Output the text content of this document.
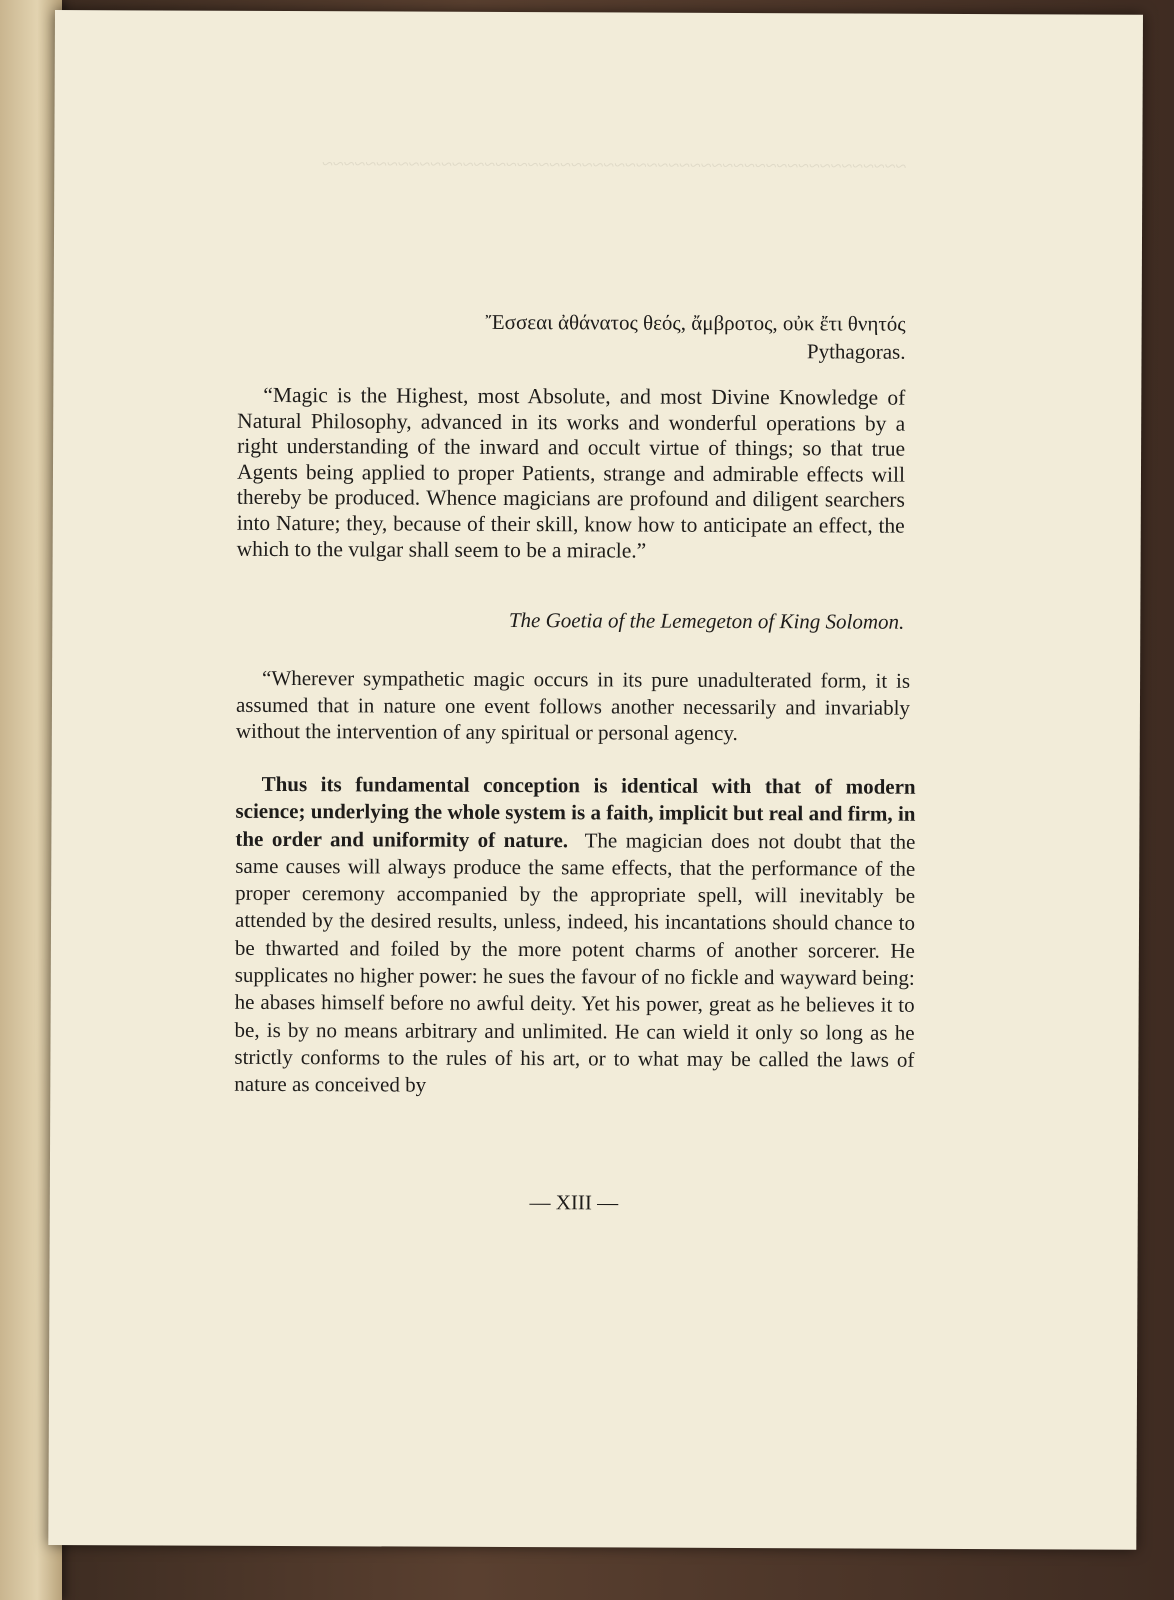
~~~~~~~~~~~~~~~~~~~~~~~~~~~~~~~~~~~~~~~~~~~~~~~~~~~~~~
Ἔσσεαι ἀθάνατος θεός, ἄμβροτος, οὐκ ἔτι θνητός
Pythagoras.
“Magic is the Highest, most Absolute, and most Divine Knowledge of Natural Philosophy, advanced in its works and wonderful operations by a right understanding of the inward and occult virtue of things; so that true Agents being applied to proper Patients, strange and admirable effects will thereby be produced. Whence magicians are profound and diligent searchers into Nature; they, because of their skill, know how to anticipate an effect, the which to the vulgar shall seem to be a miracle.”
The Goetia of the Lemegeton of King Solomon.
“Wherever sympathetic magic occurs in its pure unadulterated form, it is assumed that in nature one event follows another necessarily and invariably without the intervention of any spiritual or personal agency.
Thus its fundamental conception is identical with that of modern science; underlying the whole system is a faith, implicit but real and firm, in the order and uniformity of nature. The magician does not doubt that the same causes will always produce the same effects, that the performance of the proper ceremony accompanied by the appropriate spell, will inevitably be attended by the desired results, unless, indeed, his incantations should chance to be thwarted and foiled by the more potent charms of another sorcerer. He supplicates no higher power: he sues the favour of no fickle and wayward being: he abases himself before no awful deity. Yet his power, great as he believes it to be, is by no means arbitrary and unlimited. He can wield it only so long as he strictly conforms to the rules of his art, or to what may be called the laws of nature as conceived by
— XIII —
